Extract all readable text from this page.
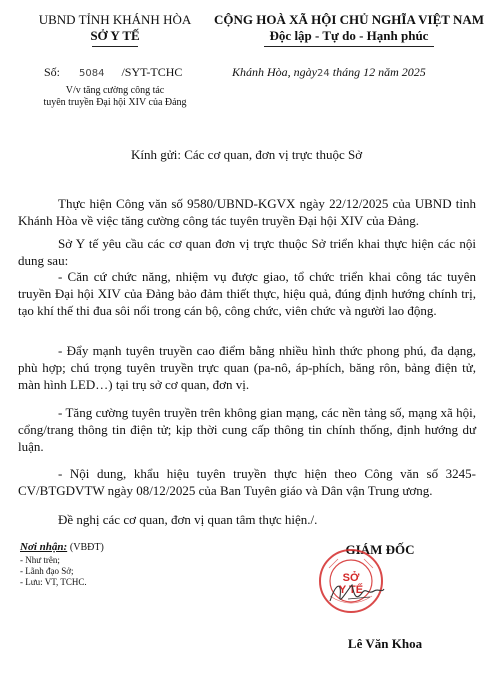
UBND TỈNH KHÁNH HÒA
SỞ Y TẾ
CỘNG HOÀ XÃ HỘI CHỦ NGHĨA VIỆT NAM
Độc lập - Tự do - Hạnh phúc
Số: 5084 /SYT-TCHC	Khánh Hòa, ngày24 tháng 12 năm 2025
V/v tăng cường công tác
tuyên truyền Đại hội XIV của Đảng
Kính gửi: Các cơ quan, đơn vị trực thuộc Sở
Thực hiện Công văn số 9580/UBND-KGVX ngày 22/12/2025 của UBND tỉnh Khánh Hòa về việc tăng cường công tác tuyên truyền Đại hội XIV của Đảng.
Sở Y tế yêu cầu các cơ quan đơn vị trực thuộc Sở triển khai thực hiện các nội dung sau:
- Căn cứ chức năng, nhiệm vụ được giao, tổ chức triển khai công tác tuyên truyền Đại hội XIV của Đảng bảo đảm thiết thực, hiệu quả, đúng định hướng chính trị, tạo khí thế thi đua sôi nổi trong cán bộ, công chức, viên chức và người lao động.
- Đẩy mạnh tuyên truyền cao điểm bằng nhiều hình thức phong phú, đa dạng, phù hợp; chú trọng tuyên truyền trực quan (pa-nô, áp-phích, băng rôn, bảng điện tử, màn hình LED…) tại trụ sở cơ quan, đơn vị.
- Tăng cường tuyên truyền trên không gian mạng, các nền tảng số, mạng xã hội, cổng/trang thông tin điện tử; kịp thời cung cấp thông tin chính thống, định hướng dư luận.
- Nội dung, khẩu hiệu tuyên truyền thực hiện theo Công văn số 3245-CV/BTGDVTW ngày 08/12/2025 của Ban Tuyên giáo và Dân vận Trung ương.
Đề nghị các cơ quan, đơn vị quan tâm thực hiện./.
Nơi nhận: (VBĐT)
- Như trên;
- Lãnh đạo Sở;
- Lưu: VT, TCHC.
GIÁM ĐỐC
SỞ
Y TẾ
Lê Văn Khoa
